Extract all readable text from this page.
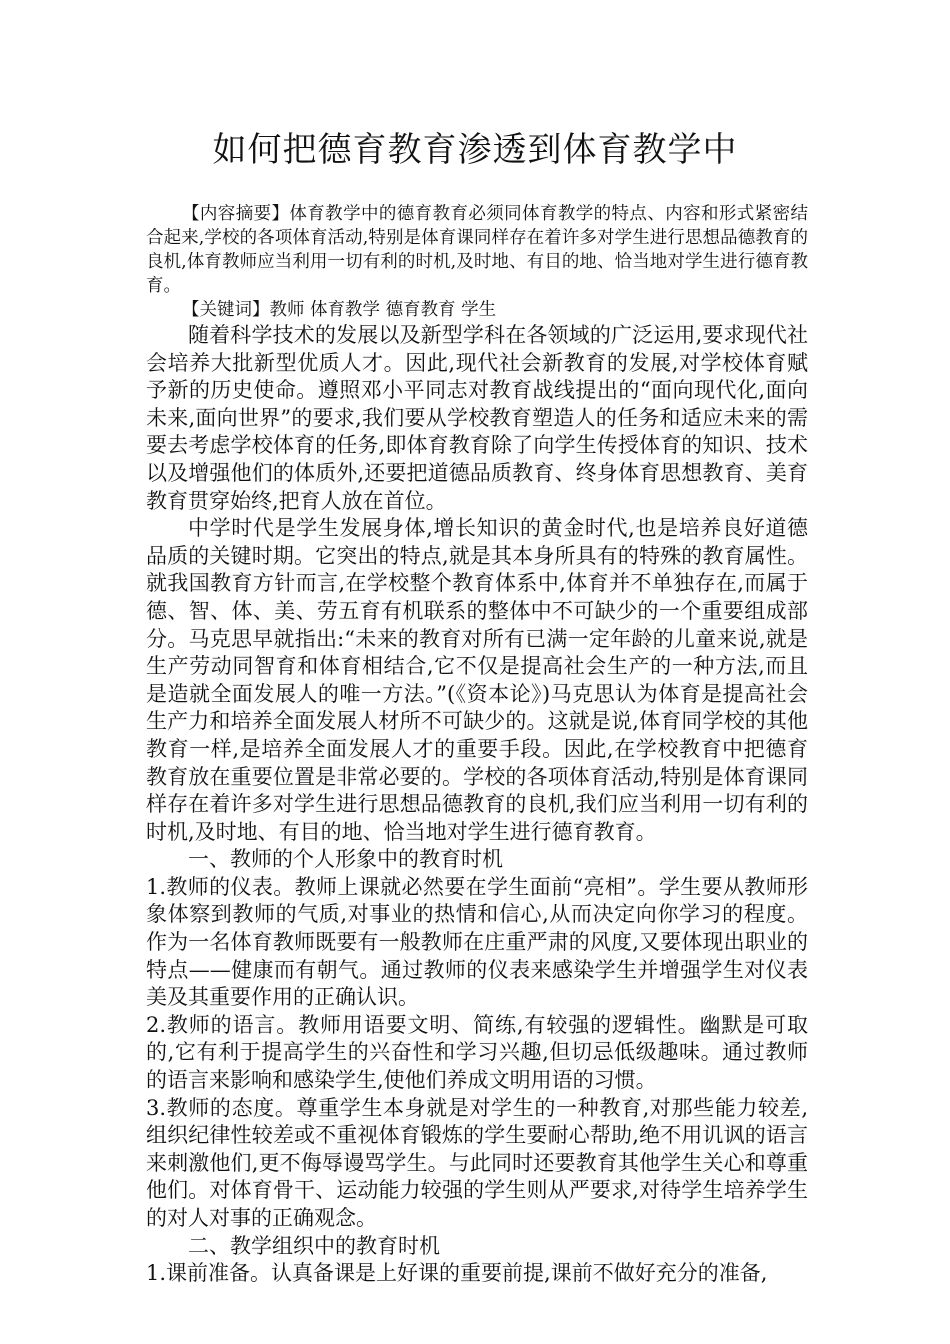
如何把德育教育渗透到体育教学中

【内容摘要】体育教学中的德育教育必须同体育教学的特点、内容和形式紧密结合起来,学校的各项体育活动,特别是体育课同样存在着许多对学生进行思想品德教育的良机,体育教师应当利用一切有利的时机,及时地、有目的地、恰当地对学生进行德育教育。

【关键词】教师 体育教学 德育教育 学生

随着科学技术的发展以及新型学科在各领域的广泛运用,要求现代社会培养大批新型优质人才。因此,现代社会新教育的发展,对学校体育赋予新的历史使命。遵照邓小平同志对教育战线提出的“面向现代化,面向未来,面向世界”的要求,我们要从学校教育塑造人的任务和适应未来的需要去考虑学校体育的任务,即体育教育除了向学生传授体育的知识、技术以及增强他们的体质外,还要把道德品质教育、终身体育思想教育、美育教育贯穿始终,把育人放在首位。

中学时代是学生发展身体,增长知识的黄金时代,也是培养良好道德品质的关键时期。它突出的特点,就是其本身所具有的特殊的教育属性。就我国教育方针而言,在学校整个教育体系中,体育并不单独存在,而属于德、智、体、美、劳五育有机联系的整体中不可缺少的一个重要组成部分。马克思早就指出:“未来的教育对所有已满一定年龄的儿童来说,就是生产劳动同智育和体育相结合,它不仅是提高社会生产的一种方法,而且是造就全面发展人的唯一方法。”(《资本论》)马克思认为体育是提高社会生产力和培养全面发展人材所不可缺少的。这就是说,体育同学校的其他教育一样,是培养全面发展人才的重要手段。因此,在学校教育中把德育教育放在重要位置是非常必要的。学校的各项体育活动,特别是体育课同样存在着许多对学生进行思想品德教育的良机,我们应当利用一切有利的时机,及时地、有目的地、恰当地对学生进行德育教育。

一、教师的个人形象中的教育时机

1.教师的仪表。教师上课就必然要在学生面前“亮相”。学生要从教师形象体察到教师的气质,对事业的热情和信心,从而决定向你学习的程度。作为一名体育教师既要有一般教师在庄重严肃的风度,又要体现出职业的特点——健康而有朝气。通过教师的仪表来感染学生并增强学生对仪表美及其重要作用的正确认识。

2.教师的语言。教师用语要文明、简练,有较强的逻辑性。幽默是可取的,它有利于提高学生的兴奋性和学习兴趣,但切忌低级趣味。通过教师的语言来影响和感染学生,使他们养成文明用语的习惯。

3.教师的态度。尊重学生本身就是对学生的一种教育,对那些能力较差,组织纪律性较差或不重视体育锻炼的学生要耐心帮助,绝不用讥讽的语言来刺激他们,更不侮辱谩骂学生。与此同时还要教育其他学生关心和尊重他们。对体育骨干、运动能力较强的学生则从严要求,对待学生培养学生的对人对事的正确观念。

二、教学组织中的教育时机

1.课前准备。认真备课是上好课的重要前提,课前不做好充分的准备,
